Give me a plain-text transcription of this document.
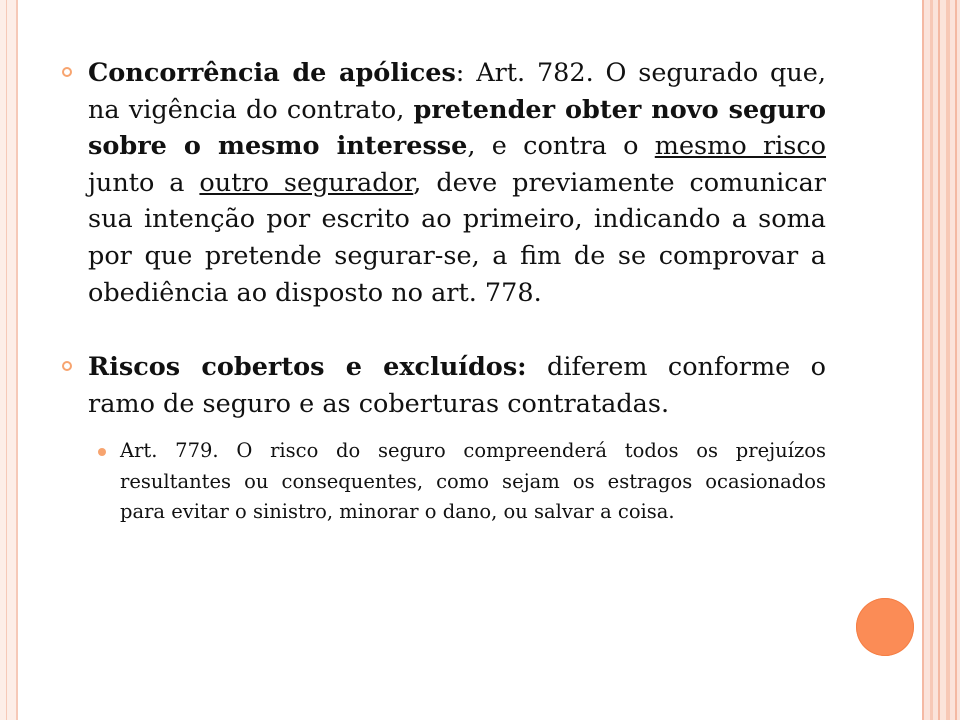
Concorrência de apólices: Art. 782. O segurado que, na vigência do contrato, pretender obter novo seguro sobre o mesmo interesse, e contra o mesmo risco junto a outro segurador, deve previamente comunicar sua intenção por escrito ao primeiro, indicando a soma por que pretende segurar-se, a fim de se comprovar a obediência ao disposto no art. 778.
Riscos cobertos e excluídos: diferem conforme o ramo de seguro e as coberturas contratadas.
Art. 779. O risco do seguro compreenderá todos os prejuízos resultantes ou consequentes, como sejam os estragos ocasionados para evitar o sinistro, minorar o dano, ou salvar a coisa.
